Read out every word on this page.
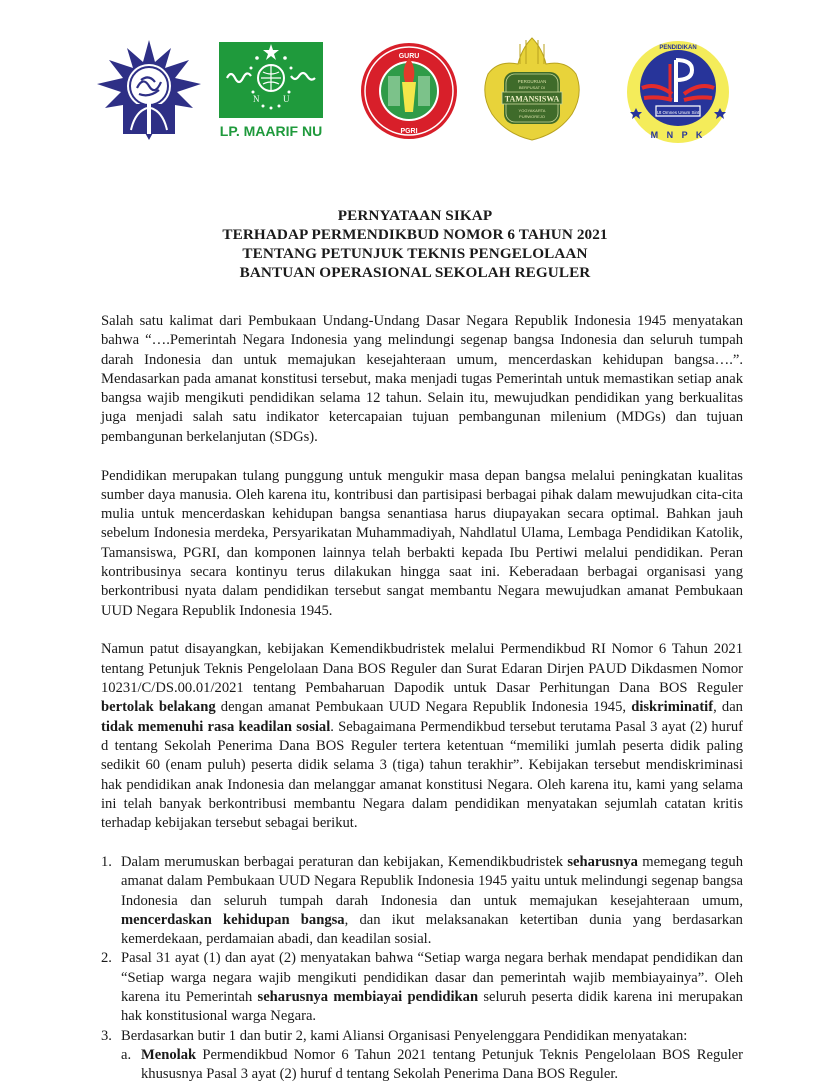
N	U
LP. MAARIF NU
GURU
PGRI
TAMANSISWA
PERGURUAN
BERPUSAT DI
YOGYAKARTA
PURWOREJO
Ut Omnes Unum Sint
M N P K
PENDIDIKAN
PERNYATAAN SIKAP
TERHADAP PERMENDIKBUD NOMOR 6 TAHUN 2021
TENTANG PETUNJUK TEKNIS PENGELOLAAN
BANTUAN OPERASIONAL SEKOLAH REGULER

Salah satu kalimat dari Pembukaan Undang-Undang Dasar Negara Republik Indonesia 1945 menyatakan bahwa “….Pemerintah Negara Indonesia yang melindungi segenap bangsa Indonesia dan seluruh tumpah darah Indonesia dan untuk memajukan kesejahteraan umum, mencerdaskan kehidupan bangsa….”. Mendasarkan pada amanat konstitusi tersebut, maka menjadi tugas Pemerintah untuk memastikan setiap anak bangsa wajib mengikuti pendidikan selama 12 tahun. Selain itu, mewujudkan pendidikan yang berkualitas juga menjadi salah satu indikator ketercapaian tujuan pembangunan milenium (MDGs) dan tujuan pembangunan berkelanjutan (SDGs).

Pendidikan merupakan tulang punggung untuk mengukir masa depan bangsa melalui peningkatan kualitas sumber daya manusia. Oleh karena itu, kontribusi dan partisipasi berbagai pihak dalam mewujudkan cita-cita mulia untuk mencerdaskan kehidupan bangsa senantiasa harus diupayakan secara optimal. Bahkan jauh sebelum Indonesia merdeka, Persyarikatan Muhammadiyah, Nahdlatul Ulama, Lembaga Pendidikan Katolik, Tamansiswa, PGRI, dan komponen lainnya telah berbakti kepada Ibu Pertiwi melalui pendidikan. Peran kontribusinya secara kontinyu terus dilakukan hingga saat ini. Keberadaan berbagai organisasi yang berkontribusi nyata dalam pendidikan tersebut sangat membantu Negara mewujudkan amanat Pembukaan UUD Negara Republik Indonesia 1945.

Namun patut disayangkan, kebijakan Kemendikbudristek melalui Permendikbud RI Nomor 6 Tahun 2021 tentang Petunjuk Teknis Pengelolaan Dana BOS Reguler dan Surat Edaran Dirjen PAUD Dikdasmen Nomor 10231/C/DS.00.01/2021 tentang Pembaharuan Dapodik untuk Dasar Perhitungan Dana BOS Reguler bertolak belakang dengan amanat Pembukaan UUD Negara Republik Indonesia 1945, diskriminatif, dan tidak memenuhi rasa keadilan sosial. Sebagaimana Permendikbud tersebut terutama Pasal 3 ayat (2) huruf d tentang Sekolah Penerima Dana BOS Reguler tertera ketentuan “memiliki jumlah peserta didik paling sedikit 60 (enam puluh) peserta didik selama 3 (tiga) tahun terakhir”. Kebijakan tersebut mendiskriminasi hak pendidikan anak Indonesia dan melanggar amanat konstitusi Negara. Oleh karena itu, kami yang selama ini telah banyak berkontribusi membantu Negara dalam pendidikan menyatakan sejumlah catatan kritis terhadap kebijakan tersebut sebagai berikut.

1. Dalam merumuskan berbagai peraturan dan kebijakan, Kemendikbudristek seharusnya memegang teguh amanat dalam Pembukaan UUD Negara Republik Indonesia 1945 yaitu untuk melindungi segenap bangsa Indonesia dan seluruh tumpah darah Indonesia dan untuk memajukan kesejahteraan umum, mencerdaskan kehidupan bangsa, dan ikut melaksanakan ketertiban dunia yang berdasarkan kemerdekaan, perdamaian abadi, dan keadilan sosial.
2. Pasal 31 ayat (1) dan ayat (2) menyatakan bahwa “Setiap warga negara berhak mendapat pendidikan dan “Setiap warga negara wajib mengikuti pendidikan dasar dan pemerintah wajib membiayainya”. Oleh karena itu Pemerintah seharusnya membiayai pendidikan seluruh peserta didik karena ini merupakan hak konstitusional warga Negara.
3. Berdasarkan butir 1 dan butir 2, kami Aliansi Organisasi Penyelenggara Pendidikan menyatakan:
a. Menolak Permendikbud Nomor 6 Tahun 2021 tentang Petunjuk Teknis Pengelolaan BOS Reguler khususnya Pasal 3 ayat (2) huruf d tentang Sekolah Penerima Dana BOS Reguler.
